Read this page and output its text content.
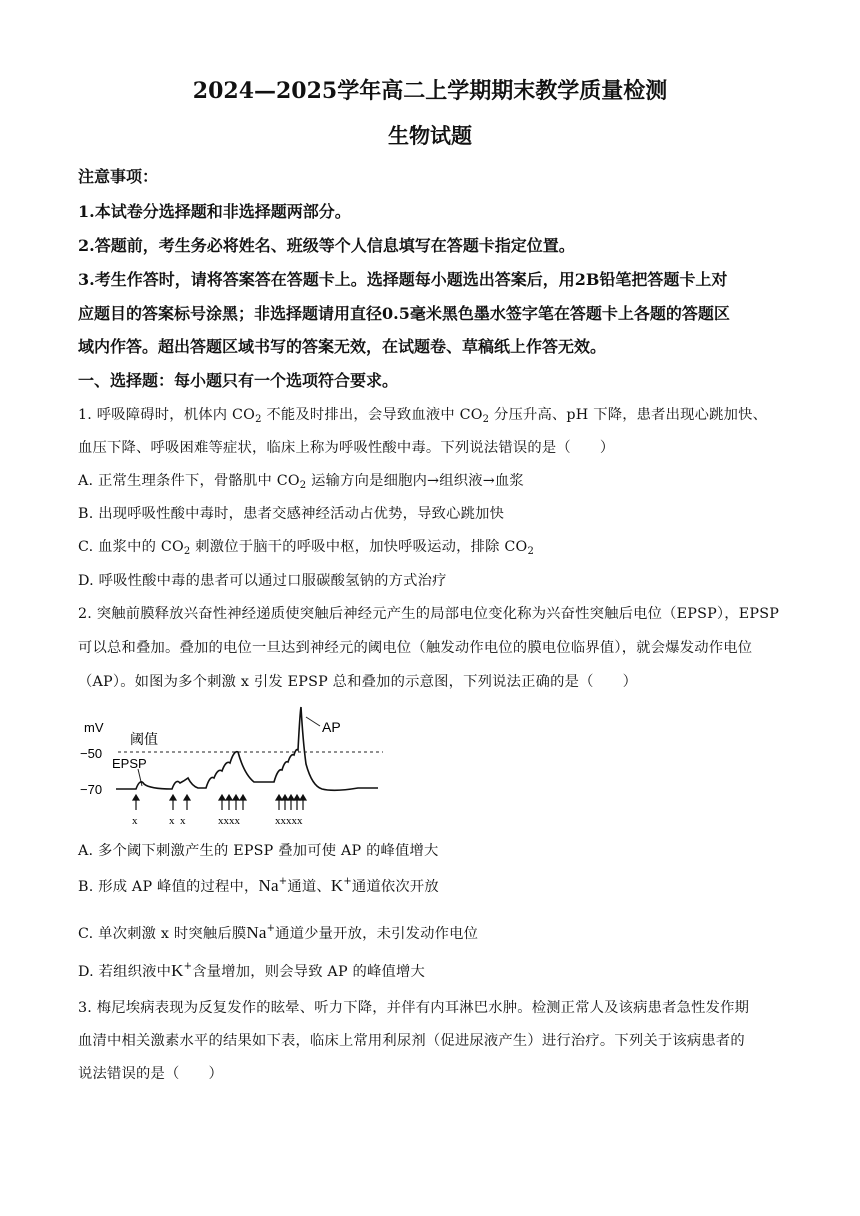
2024—2025学年高二上学期期末教学质量检测
生物试题
注意事项：
1.本试卷分选择题和非选择题两部分。
2.答题前，考生务必将姓名、班级等个人信息填写在答题卡指定位置。
3.考生作答时，请将答案答在答题卡上。选择题每小题选出答案后，用2B铅笔把答题卡上对
应题目的答案标号涂黑；非选择题请用直径0.5毫米黑色墨水签字笔在答题卡上各题的答题区
域内作答。超出答题区域书写的答案无效，在试题卷、草稿纸上作答无效。
一、选择题：每小题只有一个选项符合要求。
1. 呼吸障碍时，机体内 $CO_2$ 不能及时排出，会导致血液中 $CO_2$ 分压升高、pH 下降，患者出现心跳加快、
血压下降、呼吸困难等症状，临床上称为呼吸性酸中毒。下列说法错误的是（　　）
A. 正常生理条件下，骨骼肌中 $CO_2$ 运输方向是细胞内→组织液→血浆
B. 出现呼吸性酸中毒时，患者交感神经活动占优势，导致心跳加快
C. 血浆中的 $CO_2$ 刺激位于脑干的呼吸中枢，加快呼吸运动，排除 $CO_2$
D. 呼吸性酸中毒的患者可以通过口服碳酸氢钠的方式治疗
2. 突触前膜释放兴奋性神经递质使突触后神经元产生的局部电位变化称为兴奋性突触后电位（EPSP），EPSP
可以总和叠加。叠加的电位一旦达到神经元的阈电位（触发动作电位的膜电位临界值），就会爆发动作电位
（AP）。如图为多个刺激 x 引发 EPSP 总和叠加的示意图，下列说法正确的是（　　）
mV
阈值
−50
EPSP
−70
AP
x	x  x	xxxx	xxxxx
A. 多个阈下刺激产生的 EPSP 叠加可使 AP 的峰值增大
B. 形成 AP 峰值的过程中，Na+通道、K+通道依次开放
C. 单次刺激 x 时突触后膜Na+通道少量开放，未引发动作电位
D. 若组织液中K+含量增加，则会导致 AP 的峰值增大
3. 梅尼埃病表现为反复发作的眩晕、听力下降，并伴有内耳淋巴水肿。检测正常人及该病患者急性发作期
血清中相关激素水平的结果如下表，临床上常用利尿剂（促进尿液产生）进行治疗。下列关于该病患者的
说法错误的是（　　）
